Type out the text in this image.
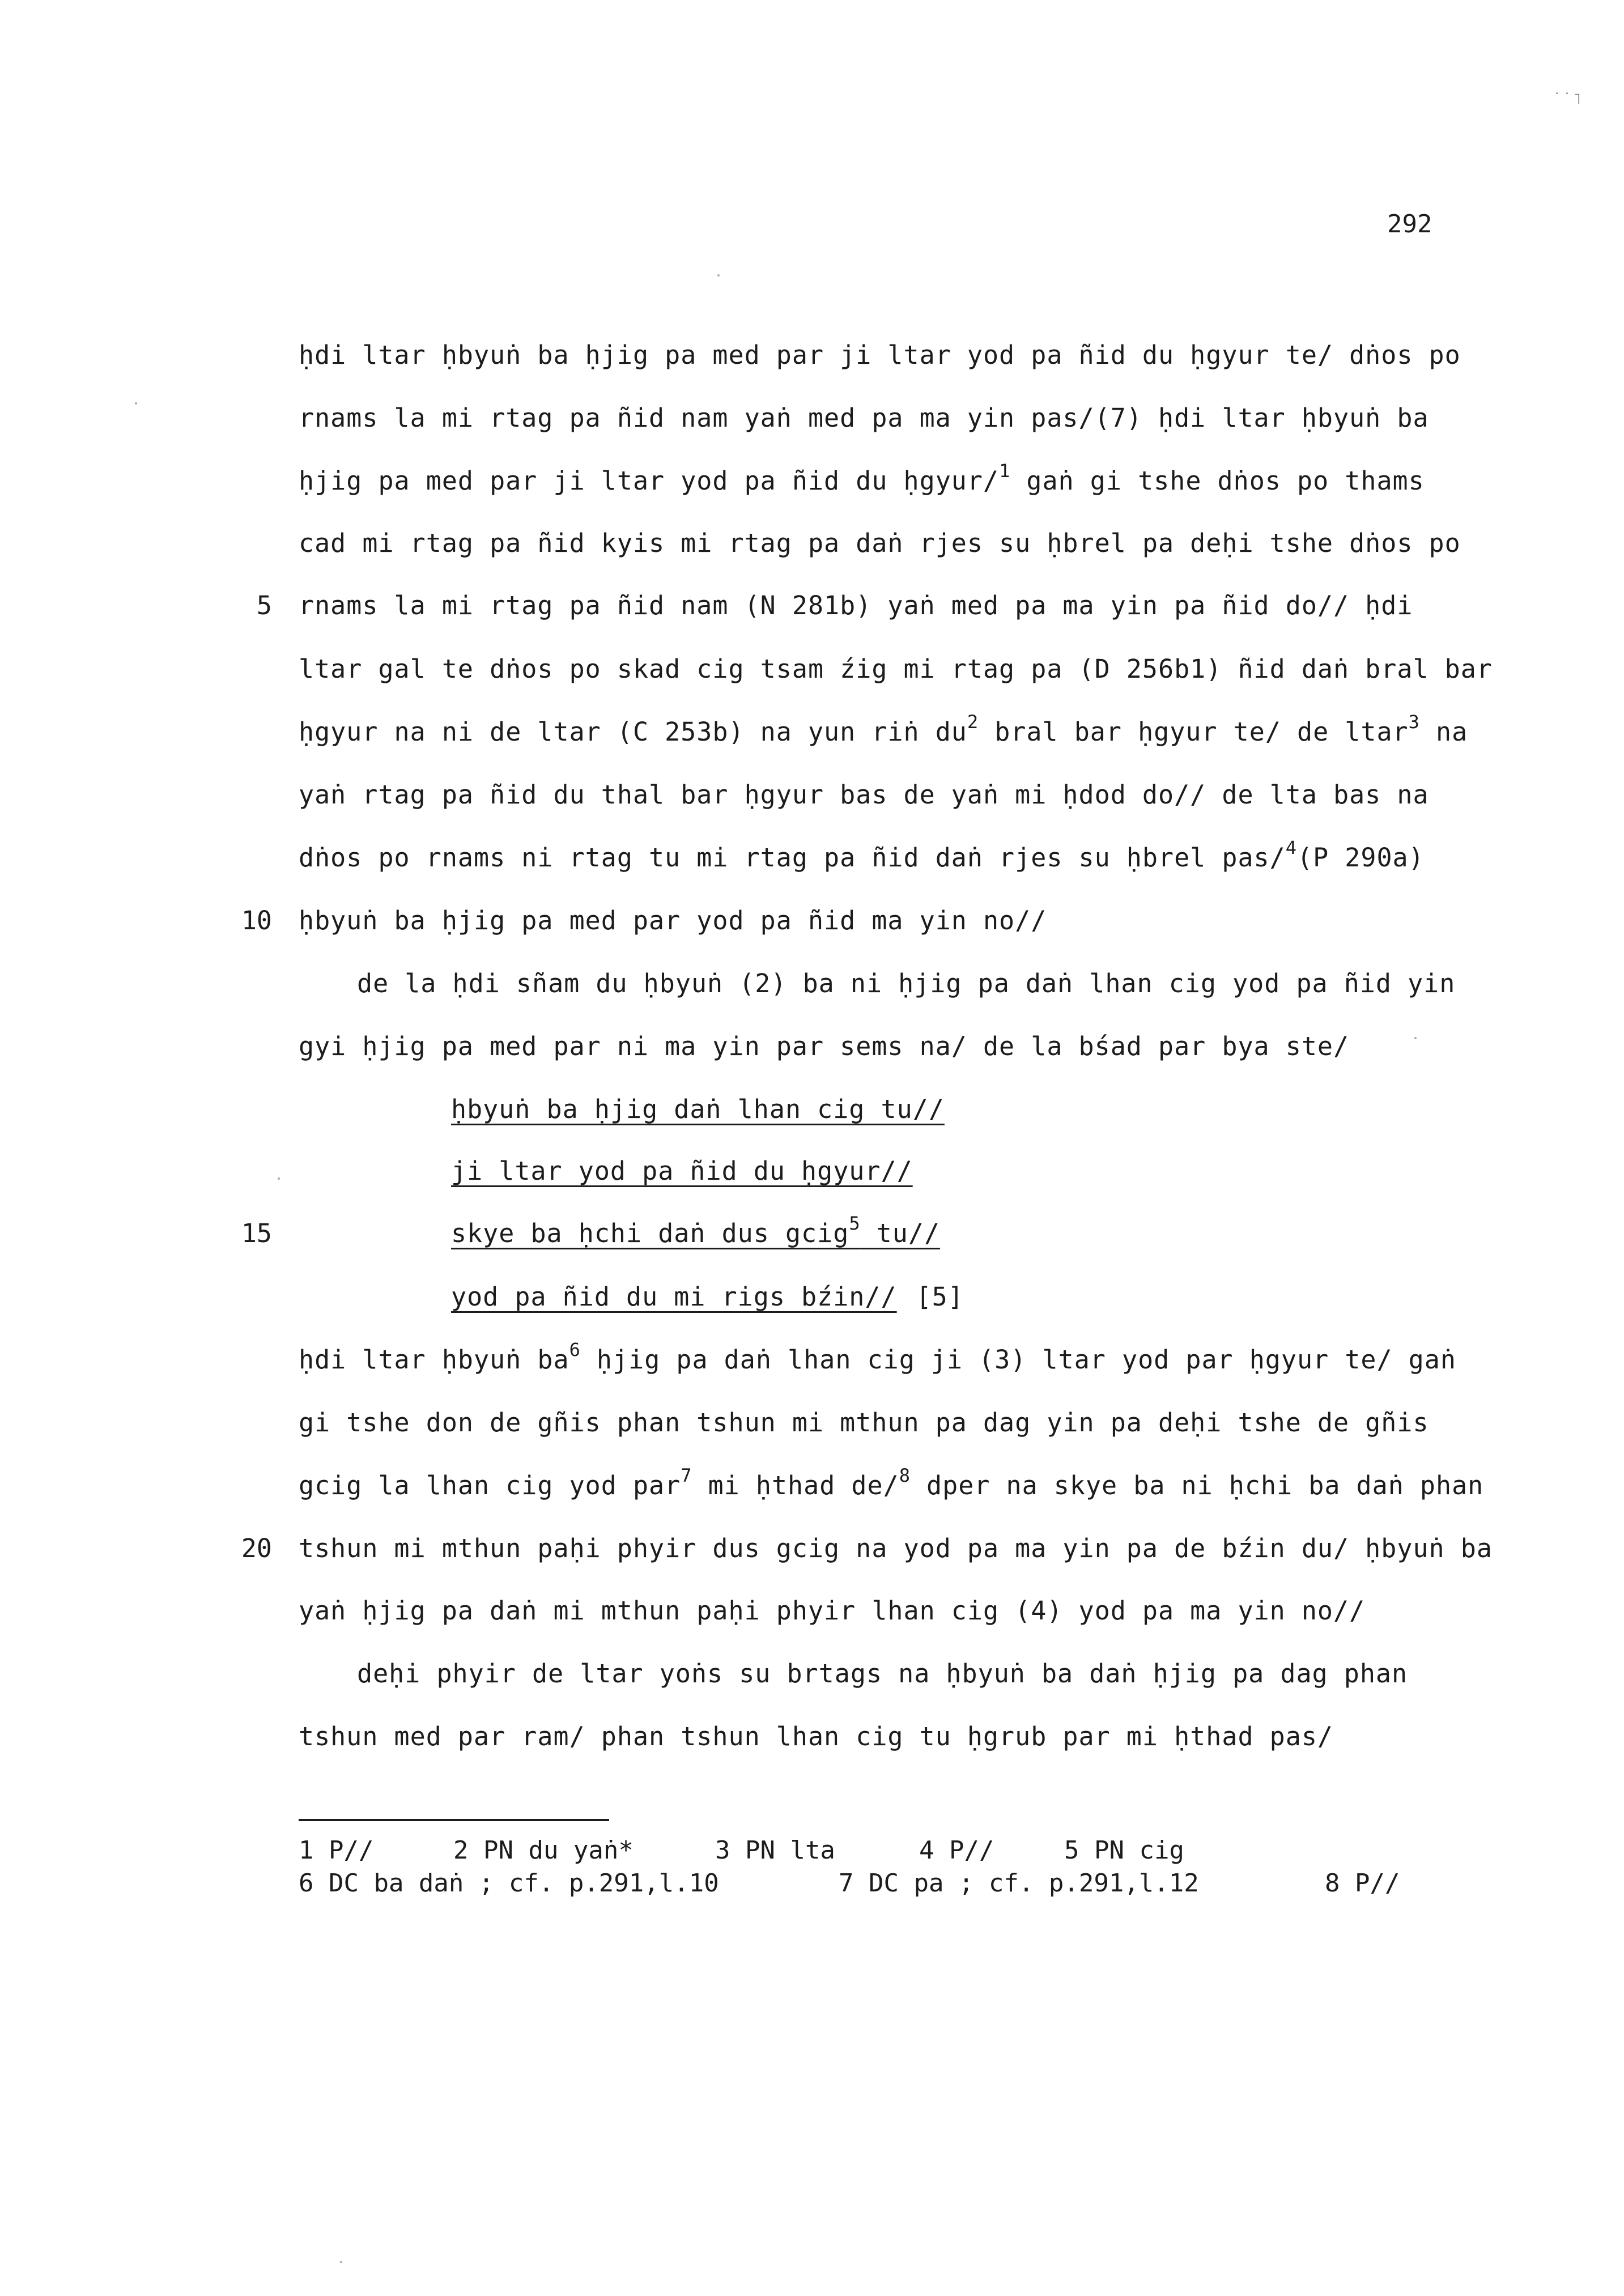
˙˙˥
292
5
10
15
20
ḥdi ltar ḥbyuṅ ba ḥjig pa med par ji ltar yod pa ñid du ḥgyur te/ dṅos po
rnams la mi rtag pa ñid nam yaṅ med pa ma yin pas/(7) ḥdi ltar ḥbyuṅ ba
ḥjig pa med par ji ltar yod pa ñid du ḥgyur/$^1$ gaṅ gi tshe dṅos po thams
cad mi rtag pa ñid kyis mi rtag pa daṅ rjes su ḥbrel pa deḥi tshe dṅos po
rnams la mi rtag pa ñid nam (N 281b) yaṅ med pa ma yin pa ñid do// ḥdi
ltar gal te dṅos po skad cig tsam źig mi rtag pa (D 256b1) ñid daṅ bral bar
ḥgyur na ni de ltar (C 253b) na yun riṅ $du^2$ bral bar ḥgyur te/ de ltar$^3$ na
yaṅ rtag pa ñid du thal bar ḥgyur bas de yaṅ mi ḥdod do// de lta bas na
dṅos po rnams ni rtag tu mi rtag pa ñid daṅ rjes su ḥbrel pas/$^4$(P 290a)
ḥbyuṅ ba ḥjig pa med par yod pa ñid ma yin no//
de la ḥdi sñam du ḥbyuṅ (2) ba ni ḥjig pa daṅ lhan cig yod pa ñid yin
gyi ḥjig pa med par ni ma yin par sems na/ de la bśad par bya ste/
ḥbyuṅ ba ḥjig daṅ lhan cig tu//
ji ltar yod pa ñid du ḥgyur//
skye ba ḥchi daṅ dus gcig$^5$ tu//
yod pa ñid du mi rigs bźin// [5]
ḥdi ltar ḥbyuṅ $ba^6$ ḥjig pa daṅ lhan cig ji (3) ltar yod par ḥgyur te/ gaṅ
gi tshe don de gñis phan tshun mi mthun pa dag yin pa deḥi tshe de gñis
gcig la lhan cig yod par$^7$ mi ḥthad de/$^8$ dper na skye ba ni ḥchi ba daṅ phan
tshun mi mthun paḥi phyir dus gcig na yod pa ma yin pa de bźin du/ ḥbyuṅ ba
yaṅ ḥjig pa daṅ mi mthun paḥi phyir lhan cig (4) yod pa ma yin no//
deḥi phyir de ltar yoṅs su brtags na ḥbyuṅ ba daṅ ḥjig pa dag phan
tshun med par ram/ phan tshun lhan cig tu ḥgrub par mi ḥthad pas/
1 P//	2 PN du yaṅ*	3 PN lta	4 P//	5 PN cig
6 DC ba daṅ ; cf. p.291,l.10	7 DC pa ; cf. p.291,l.12	8 P//
